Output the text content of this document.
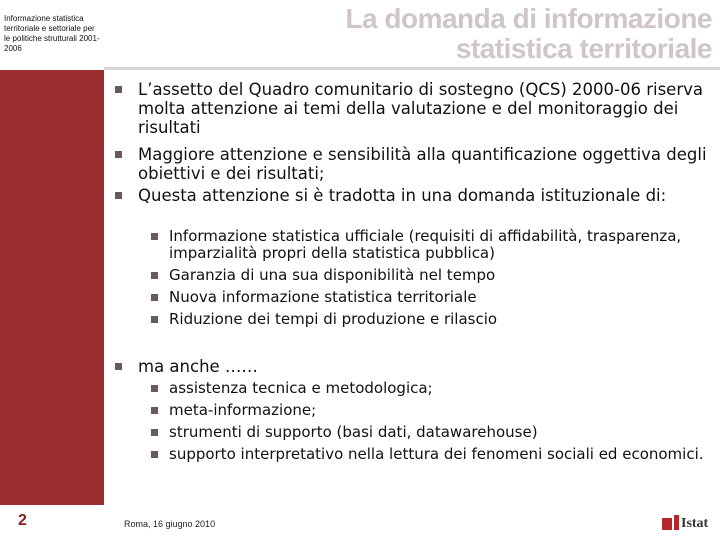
Informazione statistica territoriale e settoriale per le politiche strutturali 2001-2006
2
La domanda di informazione
statistica territoriale
L’assetto del Quadro comunitario di sostegno (QCS) 2000-06 riserva molta attenzione ai temi della valutazione e del monitoraggio dei risultati
Maggiore attenzione e sensibilità alla quantificazione oggettiva degli obiettivi e dei risultati;
Questa attenzione si è tradotta in una domanda istituzionale di:
Informazione statistica ufficiale (requisiti di affidabilità, trasparenza, imparzialità propri della statistica pubblica)
Garanzia di una sua disponibilità nel tempo
Nuova informazione statistica territoriale
Riduzione dei tempi di produzione e rilascio
ma anche ……
assistenza tecnica e metodologica;
meta-informazione;
strumenti di supporto (basi dati, datawarehouse)
supporto interpretativo nella lettura dei fenomeni sociali ed economici.
Roma, 16 giugno 2010	Istat
